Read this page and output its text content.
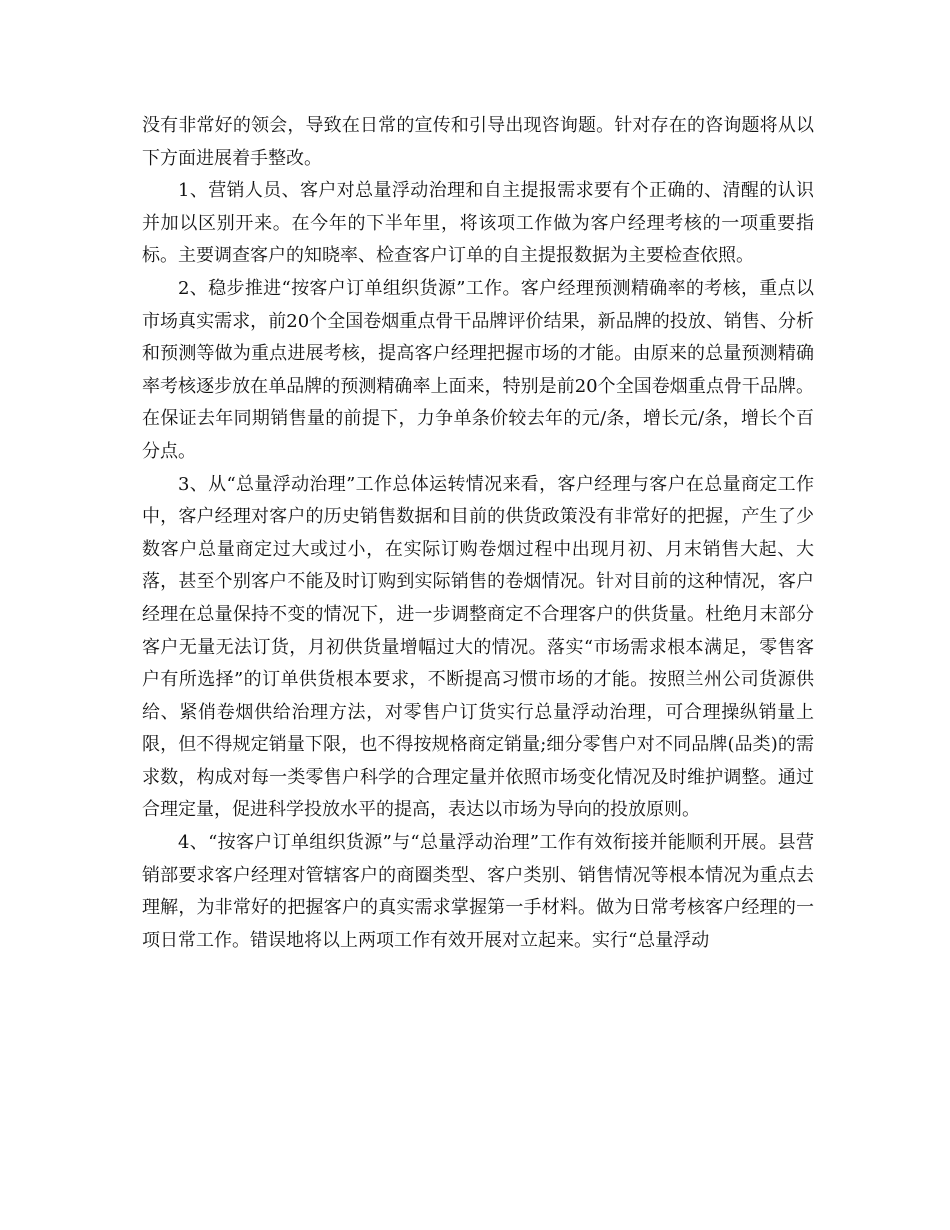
没有非常好的领会，导致在日常的宣传和引导出现咨询题。针对存在的咨询题将从以下方面进展着手整改。

1、营销人员、客户对总量浮动治理和自主提报需求要有个正确的、清醒的认识并加以区别开来。在今年的下半年里，将该项工作做为客户经理考核的一项重要指标。主要调查客户的知晓率、检查客户订单的自主提报数据为主要检查依照。

2、稳步推进“按客户订单组织货源”工作。客户经理预测精确率的考核，重点以市场真实需求，前20个全国卷烟重点骨干品牌评价结果，新品牌的投放、销售、分析和预测等做为重点进展考核，提高客户经理把握市场的才能。由原来的总量预测精确率考核逐步放在单品牌的预测精确率上面来，特别是前20个全国卷烟重点骨干品牌。在保证去年同期销售量的前提下，力争单条价较去年的元/条，增长元/条，增长个百分点。

3、从“总量浮动治理”工作总体运转情况来看，客户经理与客户在总量商定工作中，客户经理对客户的历史销售数据和目前的供货政策没有非常好的把握，产生了少数客户总量商定过大或过小，在实际订购卷烟过程中出现月初、月末销售大起、大落，甚至个别客户不能及时订购到实际销售的卷烟情况。针对目前的这种情况，客户经理在总量保持不变的情况下，进一步调整商定不合理客户的供货量。杜绝月末部分客户无量无法订货，月初供货量增幅过大的情况。落实“市场需求根本满足，零售客户有所选择”的订单供货根本要求，不断提高习惯市场的才能。按照兰州公司货源供给、紧俏卷烟供给治理方法，对零售户订货实行总量浮动治理，可合理操纵销量上限，但不得规定销量下限，也不得按规格商定销量;细分零售户对不同品牌(品类)的需求数，构成对每一类零售户科学的合理定量并依照市场变化情况及时维护调整。通过合理定量，促进科学投放水平的提高，表达以市场为导向的投放原则。

4、“按客户订单组织货源”与“总量浮动治理”工作有效衔接并能顺利开展。县营销部要求客户经理对管辖客户的商圈类型、客户类别、销售情况等根本情况为重点去理解，为非常好的把握客户的真实需求掌握第一手材料。做为日常考核客户经理的一项日常工作。错误地将以上两项工作有效开展对立起来。实行“总量浮动
